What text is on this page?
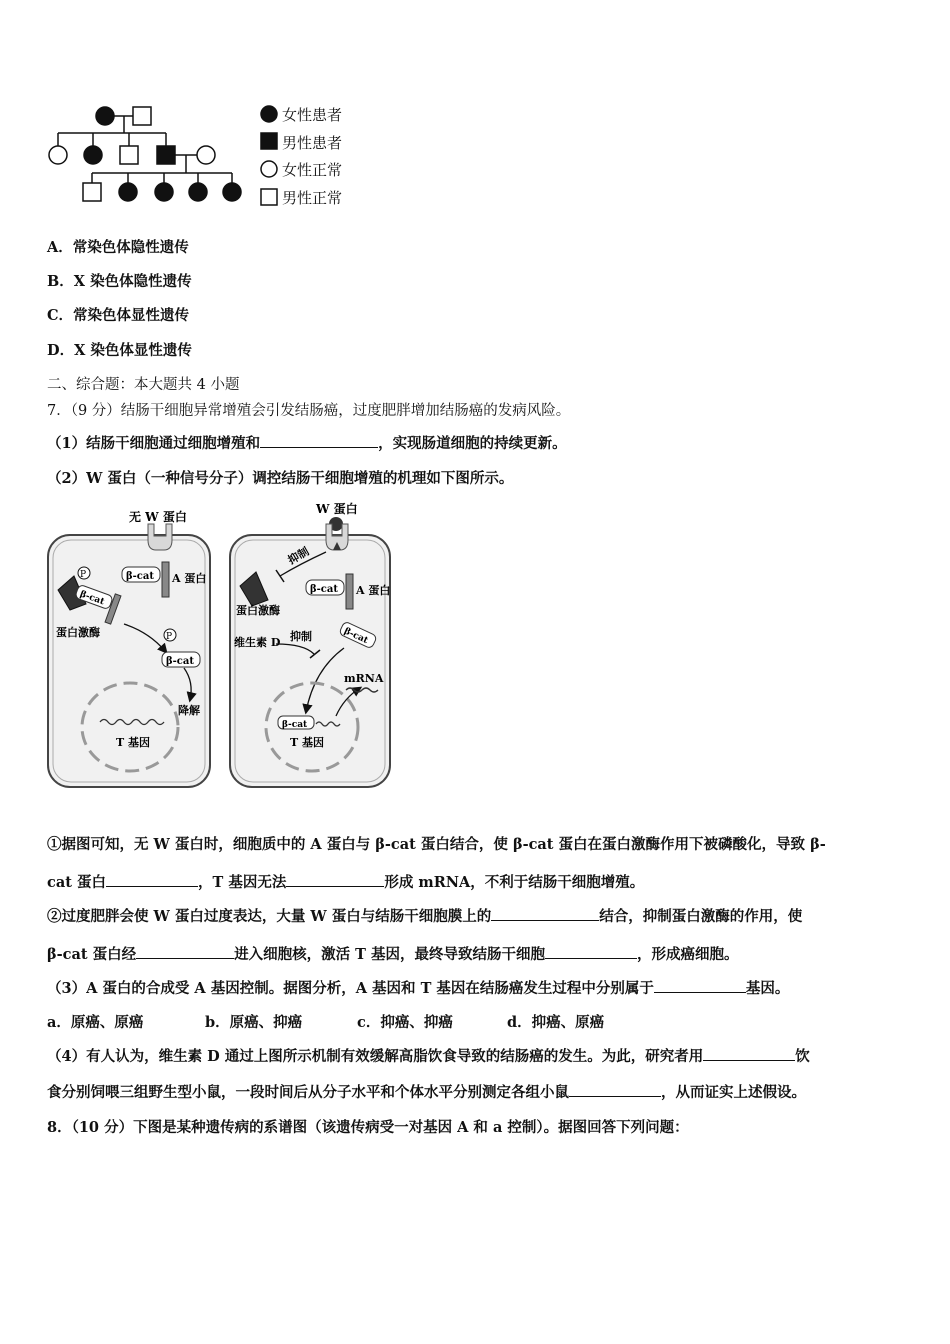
女性患者
男性患者
女性正常
男性正常
A．常染色体隐性遗传
B．X 染色体隐性遗传
C．常染色体显性遗传
D．X 染色体显性遗传
二、综合题：本大题共 4 小题
7．（9 分）结肠干细胞异常增殖会引发结肠癌，过度肥胖增加结肠癌的发病风险。
（1）结肠干细胞通过细胞增殖和	，实现肠道细胞的持续更新。
（2）W 蛋白（一种信号分子）调控结肠干细胞增殖的机理如下图所示。
无 W 蛋白
β-cat A 蛋白
P
β-cat
蛋白激酶	P
β-cat
降解
T 基因
W 蛋白
抑制
蛋白激酶
β-cat A 蛋白
维生素 D 抑制	β-cat
β-cat
T 基因
mRNA
①据图可知，无 W 蛋白时，细胞质中的 A 蛋白与 β-cat 蛋白结合，使 β-cat 蛋白在蛋白激酶作用下被磷酸化，导致 β-
cat 蛋白	，T 基因无法	形成 mRNA，不利于结肠干细胞增殖。
②过度肥胖会使 W 蛋白过度表达，大量 W 蛋白与结肠干细胞膜上的	结合，抑制蛋白激酶的作用，使
β-cat 蛋白经	进入细胞核，激活 T 基因，最终导致结肠干细胞	，形成癌细胞。
（3）A 蛋白的合成受 A 基因控制。据图分析，A 基因和 T 基因在结肠癌发生过程中分别属于	基因。
a．原癌、原癌	b．原癌、抑癌	c．抑癌、抑癌	d．抑癌、原癌
（4）有人认为，维生素 D 通过上图所示机制有效缓解高脂饮食导致的结肠癌的发生。为此，研究者用	饮
食分别饲喂三组野生型小鼠，一段时间后从分子水平和个体水平分别测定各组小鼠	，从而证实上述假设。
8．（10 分）下图是某种遗传病的系谱图（该遗传病受一对基因 A 和 a 控制）。据图回答下列问题：
